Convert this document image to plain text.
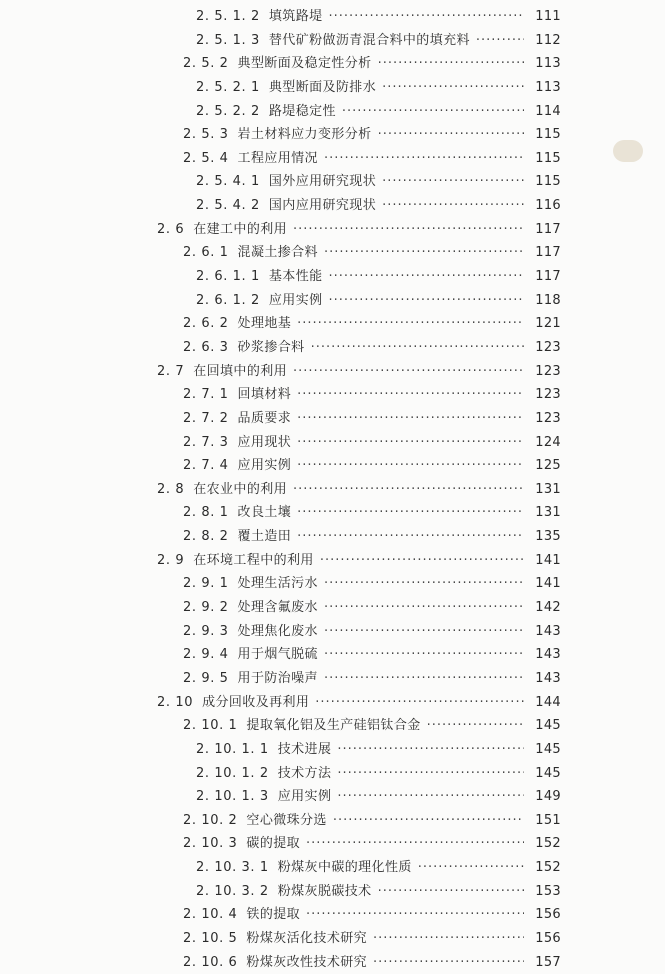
2. 5. 1. 2 填筑路堤 ·····	111
2. 5. 1. 3 替代矿粉做沥青混合料中的填充料 ·····	112
2. 5. 2 典型断面及稳定性分析 ·····	113
2. 5. 2. 1 典型断面及防排水 ·····	113
2. 5. 2. 2 路堤稳定性 ·····	114
2. 5. 3 岩土材料应力变形分析 ·····	115
2. 5. 4 工程应用情况 ·····	115
2. 5. 4. 1 国外应用研究现状 ·····	115
2. 5. 4. 2 国内应用研究现状 ·····	116
2. 6 在建工中的利用 ·····	117
2. 6. 1 混凝土掺合料 ·····	117
2. 6. 1. 1 基本性能 ·····	117
2. 6. 1. 2 应用实例 ·····	118
2. 6. 2 处理地基 ·····	121
2. 6. 3 砂浆掺合料 ·····	123
2. 7 在回填中的利用 ·····	123
2. 7. 1 回填材料 ·····	123
2. 7. 2 品质要求 ·····	123
2. 7. 3 应用现状 ·····	124
2. 7. 4 应用实例 ·····	125
2. 8 在农业中的利用 ·····	131
2. 8. 1 改良土壤 ·····	131
2. 8. 2 覆土造田 ·····	135
2. 9 在环境工程中的利用 ·····	141
2. 9. 1 处理生活污水 ·····	141
2. 9. 2 处理含氟废水 ·····	142
2. 9. 3 处理焦化废水 ·····	143
2. 9. 4 用于烟气脱硫 ·····	143
2. 9. 5 用于防治噪声 ·····	143
2. 10 成分回收及再利用 ·····	144
2. 10. 1 提取氧化铝及生产硅铝钛合金 ·····	145
2. 10. 1. 1 技术进展 ·····	145
2. 10. 1. 2 技术方法 ·····	145
2. 10. 1. 3 应用实例 ·····	149
2. 10. 2 空心微珠分选 ·····	151
2. 10. 3 碳的提取 ·····	152
2. 10. 3. 1 粉煤灰中碳的理化性质 ·····	152
2. 10. 3. 2 粉煤灰脱碳技术 ·····	153
2. 10. 4 铁的提取 ·····	156
2. 10. 5 粉煤灰活化技术研究 ·····	156
2. 10. 6 粉煤灰改性技术研究 ·····	157
